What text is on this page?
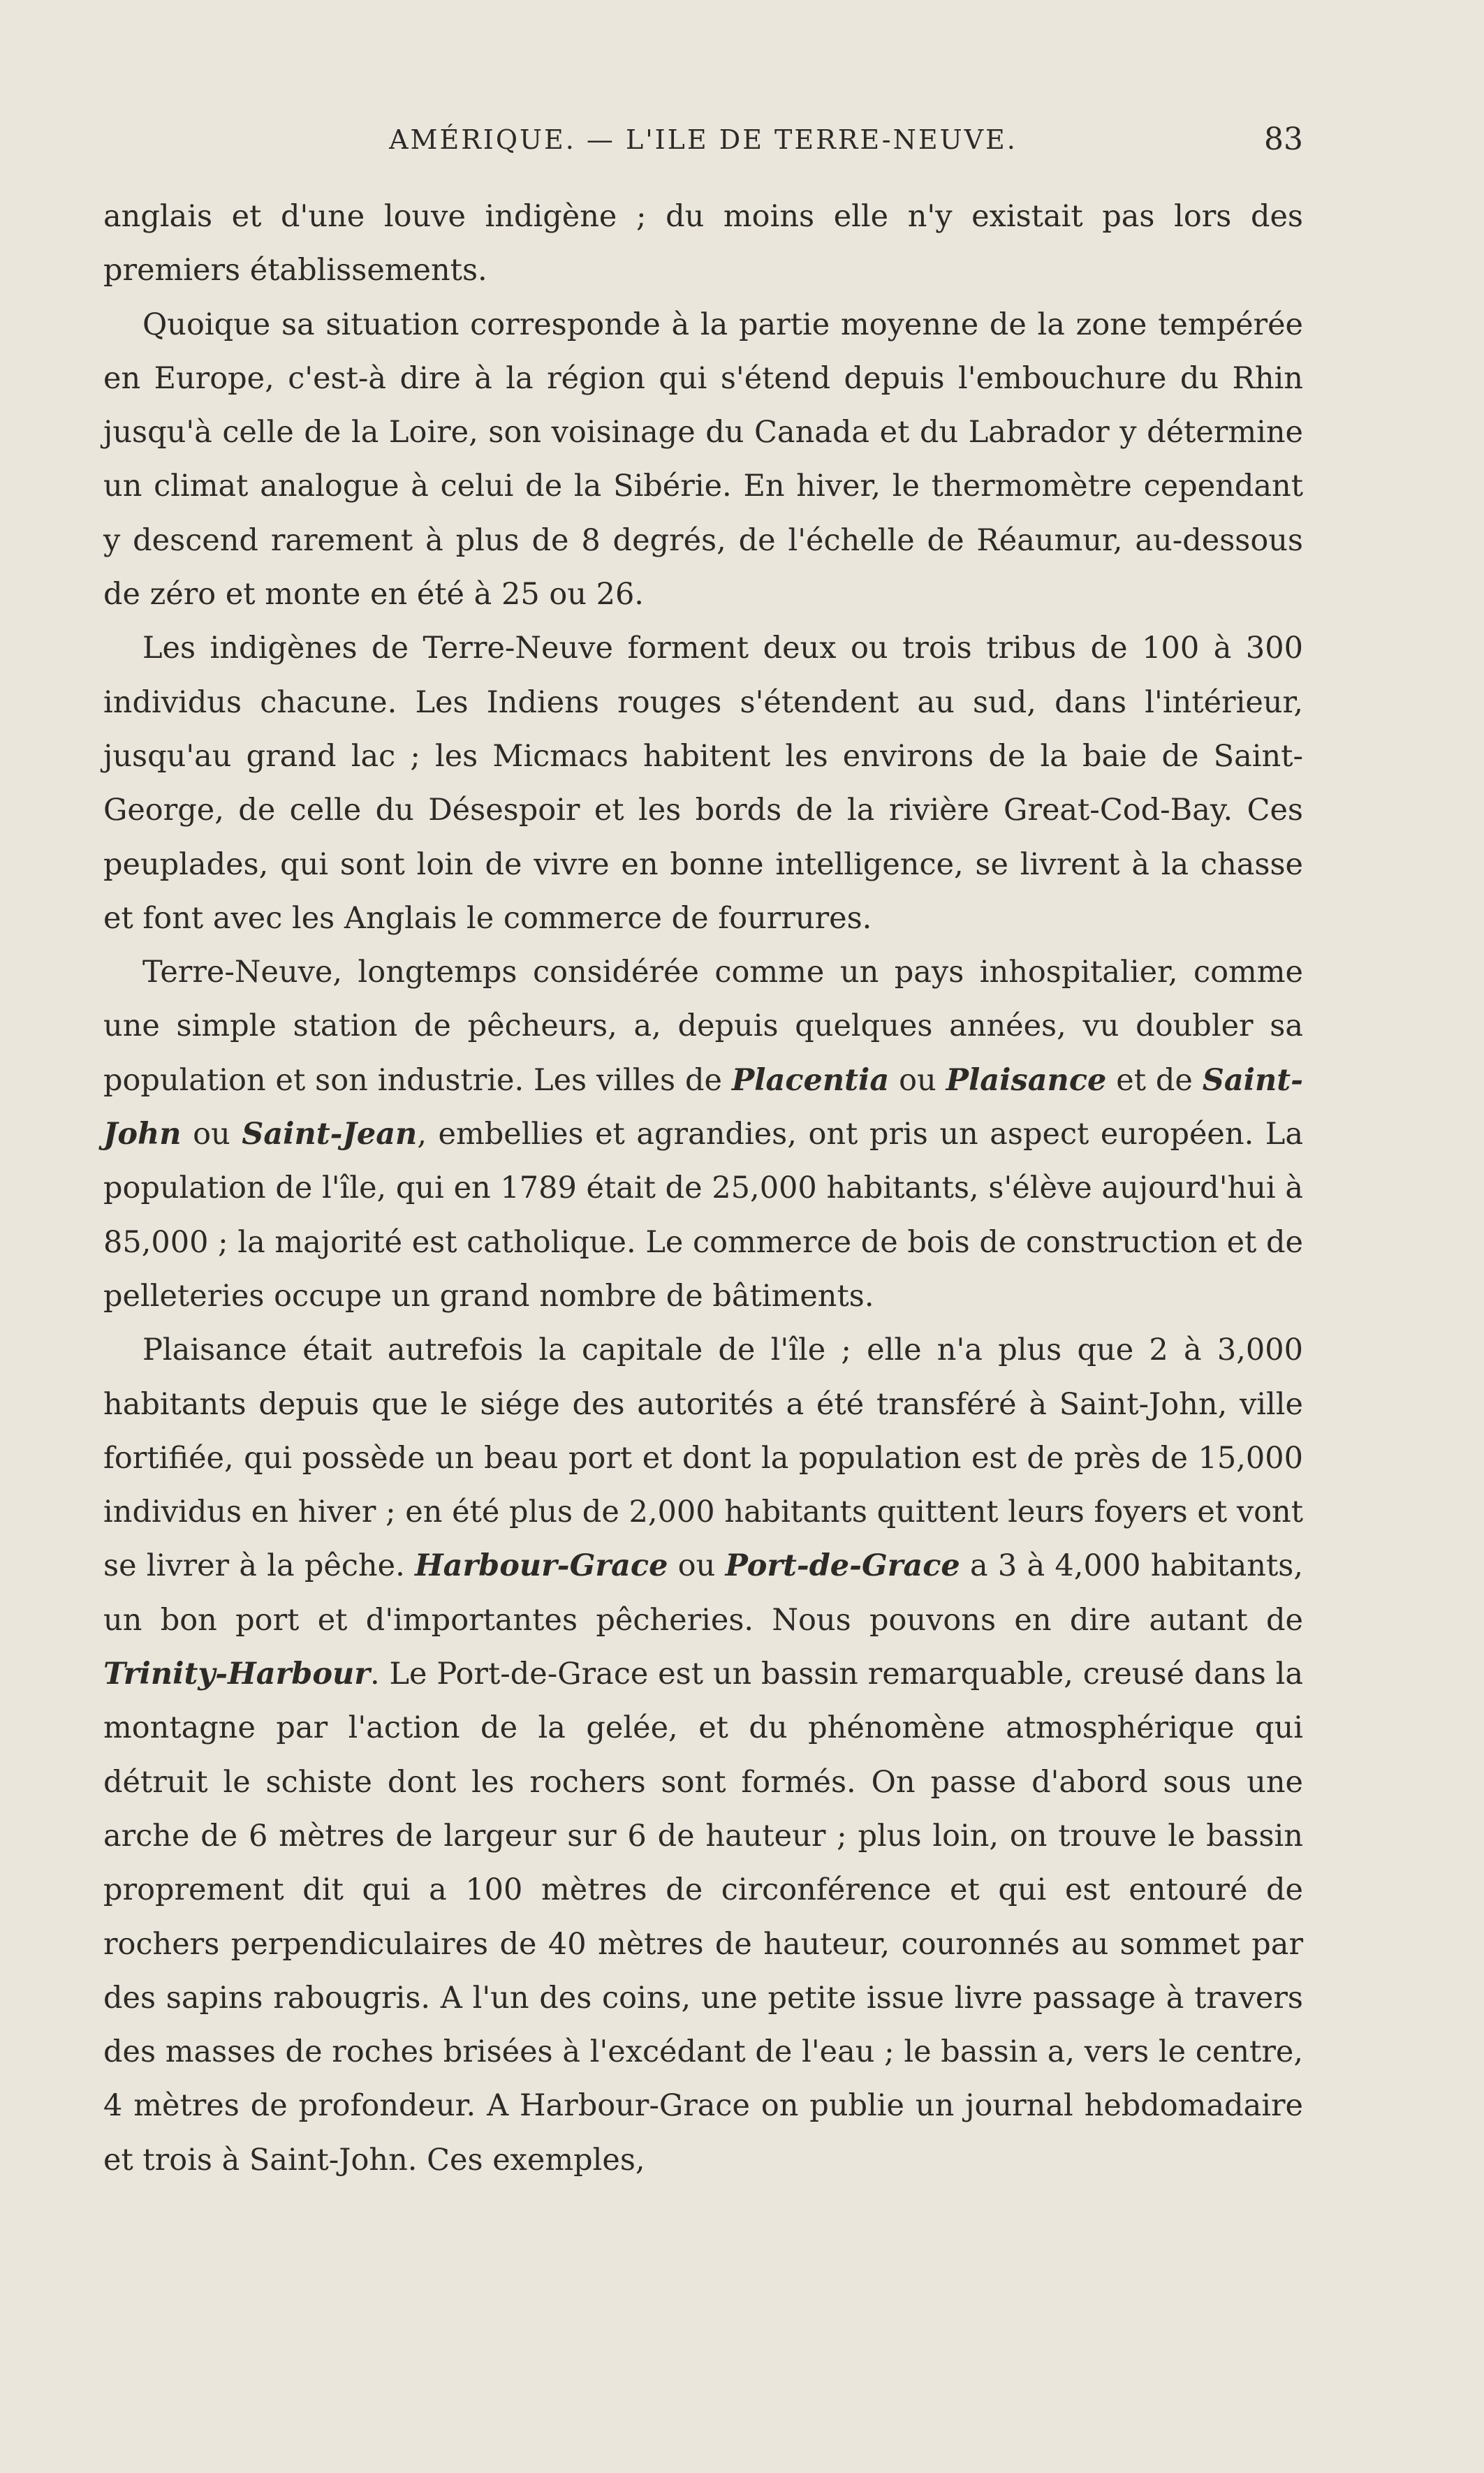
AMÉRIQUE. — L'ILE DE TERRE-NEUVE.	83

anglais et d'une louve indigène ; du moins elle n'y existait pas lors des premiers établissements.

Quoique sa situation corresponde à la partie moyenne de la zone tempérée en Europe, c'est-à dire à la région qui s'étend depuis l'embouchure du Rhin jusqu'à celle de la Loire, son voisinage du Canada et du Labrador y détermine un climat analogue à celui de la Sibérie. En hiver, le thermomètre cependant y descend rarement à plus de 8 degrés, de l'échelle de Réaumur, au-dessous de zéro et monte en été à 25 ou 26.

Les indigènes de Terre-Neuve forment deux ou trois tribus de 100 à 300 individus chacune. Les Indiens rouges s'étendent au sud, dans l'intérieur, jusqu'au grand lac ; les Micmacs habitent les environs de la baie de Saint-George, de celle du Désespoir et les bords de la rivière Great-Cod-Bay. Ces peuplades, qui sont loin de vivre en bonne intelligence, se livrent à la chasse et font avec les Anglais le commerce de fourrures.

Terre-Neuve, longtemps considérée comme un pays inhospitalier, comme une simple station de pêcheurs, a, depuis quelques années, vu doubler sa population et son industrie. Les villes de Placentia ou Plaisance et de Saint-John ou Saint-Jean, embellies et agrandies, ont pris un aspect européen. La population de l'île, qui en 1789 était de 25,000 habitants, s'élève aujourd'hui à 85,000 ; la majorité est catholique. Le commerce de bois de construction et de pelleteries occupe un grand nombre de bâtiments.

Plaisance était autrefois la capitale de l'île ; elle n'a plus que 2 à 3,000 habitants depuis que le siége des autorités a été transféré à Saint-John, ville fortifiée, qui possède un beau port et dont la population est de près de 15,000 individus en hiver ; en été plus de 2,000 habitants quittent leurs foyers et vont se livrer à la pêche. Harbour-Grace ou Port-de-Grace a 3 à 4,000 habitants, un bon port et d'importantes pêcheries. Nous pouvons en dire autant de Trinity-Harbour. Le Port-de-Grace est un bassin remarquable, creusé dans la montagne par l'action de la gelée, et du phénomène atmosphérique qui détruit le schiste dont les rochers sont formés. On passe d'abord sous une arche de 6 mètres de largeur sur 6 de hauteur ; plus loin, on trouve le bassin proprement dit qui a 100 mètres de circonférence et qui est entouré de rochers perpendiculaires de 40 mètres de hauteur, couronnés au sommet par des sapins rabougris. A l'un des coins, une petite issue livre passage à travers des masses de roches brisées à l'excédant de l'eau ; le bassin a, vers le centre, 4 mètres de profondeur. A Harbour-Grace on publie un journal hebdomadaire et trois à Saint-John. Ces exemples,
